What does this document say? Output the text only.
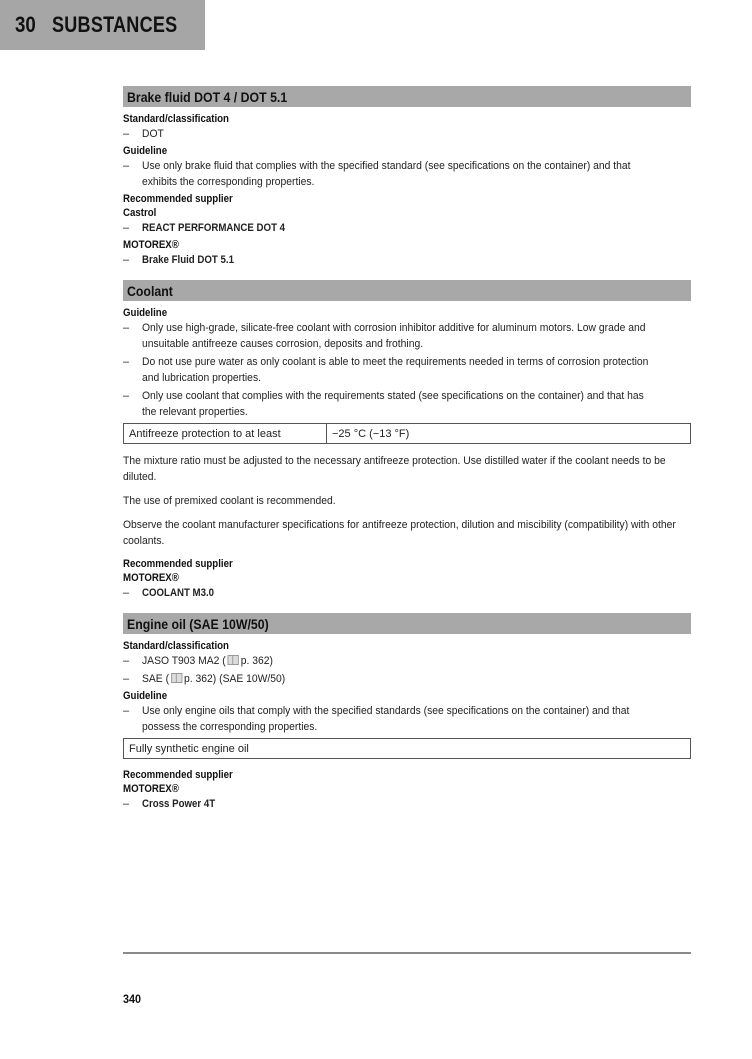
30 SUBSTANCES
Brake fluid DOT 4 / DOT 5.1
Standard/classification
–	DOT
Guideline
–	Use only brake fluid that complies with the specified standard (see specifications on the container) and that exhibits the corresponding properties.
Recommended supplier
Castrol
–	REACT PERFORMANCE DOT 4
MOTOREX®
–	Brake Fluid DOT 5.1
Coolant
Guideline
–	Only use high-grade, silicate-free coolant with corrosion inhibitor additive for aluminum motors. Low grade and unsuitable antifreeze causes corrosion, deposits and frothing.
–	Do not use pure water as only coolant is able to meet the requirements needed in terms of corrosion protection and lubrication properties.
–	Only use coolant that complies with the requirements stated (see specifications on the container) and that has the relevant properties.
Antifreeze protection to at least	−25 °C (−13 °F)
The mixture ratio must be adjusted to the necessary antifreeze protection. Use distilled water if the coolant needs to be diluted.
The use of premixed coolant is recommended.
Observe the coolant manufacturer specifications for antifreeze protection, dilution and miscibility (compatibility) with other coolants.
Recommended supplier
MOTOREX®
–	COOLANT M3.0
Engine oil (SAE 10W/50)
Standard/classification
–	JASO T903 MA2 ( p. 362)
–	SAE ( p. 362) (SAE 10W/50)
Guideline
–	Use only engine oils that comply with the specified standards (see specifications on the container) and that possess the corresponding properties.
Fully synthetic engine oil
Recommended supplier
MOTOREX®
–	Cross Power 4T
340
